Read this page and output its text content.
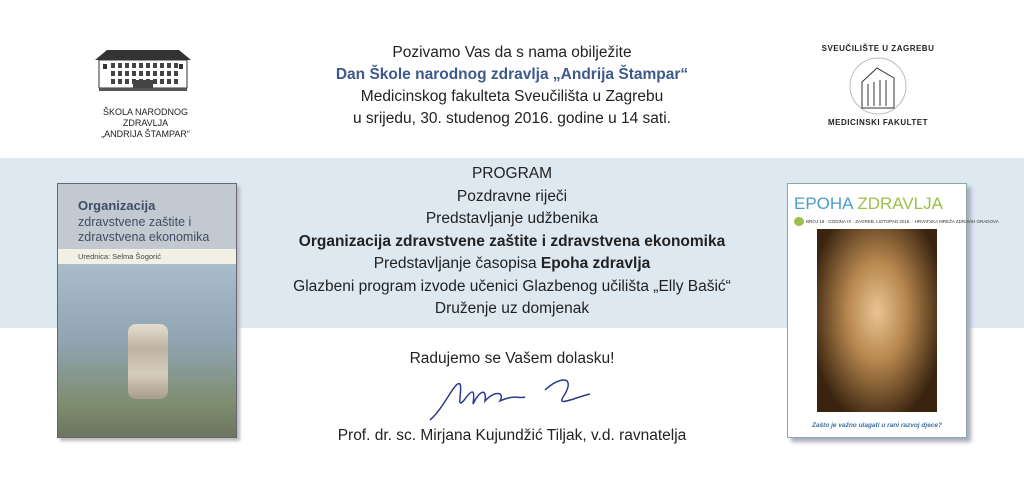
ŠKOLA NARODNOG ZDRAVLJA
„ANDRIJA ŠTAMPAR“
SVEUČILIŠTE U ZAGREBU
MEDICINSKI FAKULTET
Pozivamo Vas da s nama obilježite
Dan Škole narodnog zdravlja „Andrija Štampar“
Medicinskog fakulteta Sveučilišta u Zagrebu
u srijedu, 30. studenog 2016. godine u 14 sati.
PROGRAM
Pozdravne riječi
Predstavljanje udžbenika
Organizacija zdravstvene zaštite i zdravstvena ekonomika
Predstavljanje časopisa Epoha zdravlja
Glazbeni program izvode učenici Glazbenog učilišta „Elly Bašić“
Druženje uz domjenak
Radujemo se Vašem dolasku!
Prof. dr. sc. Mirjana Kujundžić Tiljak, v.d. ravnatelja
Organizacija
zdravstvene zaštite i zdravstvena ekonomika
Urednica: Selma Šogorić
EPOHA ZDRAVLJA
BROJ 18 · GODINA IX · ZAGREB, LISTOPAD 2016. · HRVATSKA MREŽA ZDRAVIH GRADOVA
Zašto je važno ulagati u rani razvoj djece?
